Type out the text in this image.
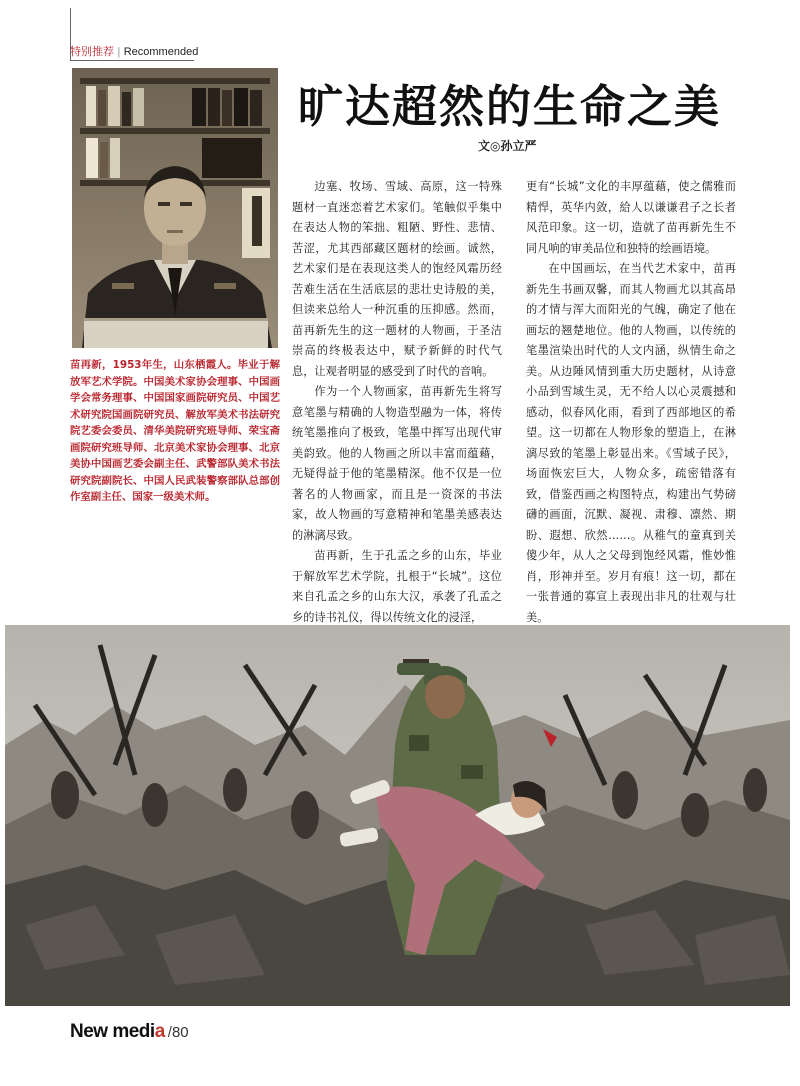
特别推荐 | Recommended
苗再新，1953年生，山东栖霞人。毕业于解放军艺术学院。中国美术家协会理事、中国画学会常务理事、中国国家画院研究员、中国艺术研究院国画院研究员、解放军美术书法研究院艺委会委员、清华美院研究班导师、荣宝斋画院研究班导师、北京美术家协会理事、北京美协中国画艺委会副主任、武警部队美术书法研究院副院长、中国人民武装警察部队总部创作室副主任、国家一级美术师。
旷达超然的生命之美
文◎孙立严

边塞、牧场、雪域、高原，这一特殊题材一直迷恋着艺术家们。笔触似乎集中在表达人物的笨拙、粗陋、野性、悲情、苦涩，尤其西部藏区题材的绘画。诚然，艺术家们是在表现这类人的饱经风霜历经苦难生活在生活底层的悲壮史诗般的美，但读来总给人一种沉重的压抑感。然而，苗再新先生的这一题材的人物画，于圣洁崇高的终极表达中，赋予新鲜的时代气息，让观者明显的感受到了时代的音响。

作为一个人物画家，苗再新先生将写意笔墨与精确的人物造型融为一体，将传统笔墨推向了极致，笔墨中挥写出现代审美韵致。他的人物画之所以丰富而蕴藉，无疑得益于他的笔墨精深。他不仅是一位著名的人物画家，而且是一资深的书法家，故人物画的写意精神和笔墨美感表达的淋漓尽致。

苗再新，生于孔孟之乡的山东，毕业于解放军艺术学院，扎根于“长城”。这位来自孔孟之乡的山东大汉，承袭了孔孟之乡的诗书礼仪，得以传统文化的浸淫，

更有“长城”文化的丰厚蕴藉，使之儒雅而精悍，英华内敛，給人以谦谦君子之长者风范印象。这一切，造就了苗再新先生不同凡响的审美品位和独特的绘画语境。

在中国画坛，在当代艺术家中，苗再新先生书画双馨，而其人物画尤以其高昂的才情与浑大而阳光的气魄，确定了他在画坛的翘楚地位。他的人物画，以传统的笔墨渲染出时代的人文内涵，纵情生命之美。从边陲风情到重大历史题材，从诗意小品到雪域生灵，无不给人以心灵震撼和感动，似春风化雨，看到了西部地区的希望。这一切都在人物形象的塑造上，在淋漓尽致的笔墨上彰显出来。《雪域子民》，场面恢宏巨大，人物众多，疏密错落有致，借鉴西画之构图特点，构建出气势磅礴的画面，沉默、凝视、肃穆、凛然、期盼、遐想、欣然……。从稚气的童真到关傻少年，从人之父母到饱经风霜，惟妙惟肖，形神并至。岁月有痕！这一切，都在一张普通的寡宣上表现出非凡的壮观与壮美。

New media /80
